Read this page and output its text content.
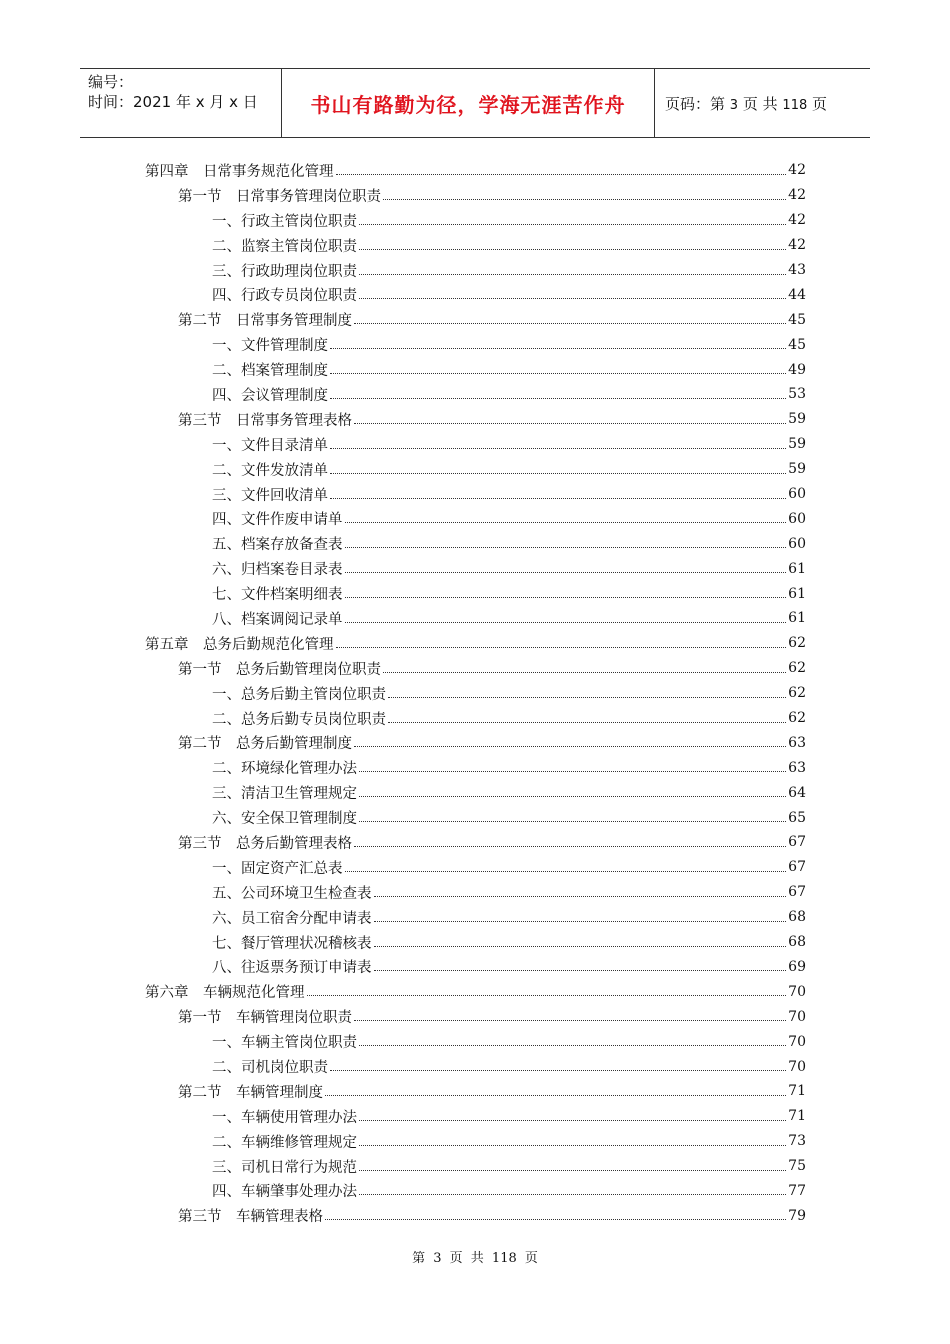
编号：
时间：2021 年 x 月 x 日	书山有路勤为径，学海无涯苦作舟	页码：第 3 页 共 118 页
第四章　日常事务规范化管理	42
第一节　日常事务管理岗位职责	42
一、行政主管岗位职责	42
二、监察主管岗位职责	42
三、行政助理岗位职责	43
四、行政专员岗位职责	44
第二节　日常事务管理制度	45
一、文件管理制度	45
二、档案管理制度	49
四、会议管理制度	53
第三节　日常事务管理表格	59
一、文件目录清单	59
二、文件发放清单	59
三、文件回收清单	60
四、文件作废申请单	60
五、档案存放备查表	60
六、归档案卷目录表	61
七、文件档案明细表	61
八、档案调阅记录单	61
第五章　总务后勤规范化管理	62
第一节　总务后勤管理岗位职责	62
一、总务后勤主管岗位职责	62
二、总务后勤专员岗位职责	62
第二节　总务后勤管理制度	63
二、环境绿化管理办法	63
三、清洁卫生管理规定	64
六、安全保卫管理制度	65
第三节　总务后勤管理表格	67
一、固定资产汇总表	67
五、公司环境卫生检查表	67
六、员工宿舍分配申请表	68
七、餐厅管理状况稽核表	68
八、往返票务预订申请表	69
第六章　车辆规范化管理	70
第一节　车辆管理岗位职责	70
一、车辆主管岗位职责	70
二、司机岗位职责	70
第二节　车辆管理制度	71
一、车辆使用管理办法	71
二、车辆维修管理规定	73
三、司机日常行为规范	75
四、车辆肇事处理办法	77
第三节　车辆管理表格	79
第 3 页 共 118 页
